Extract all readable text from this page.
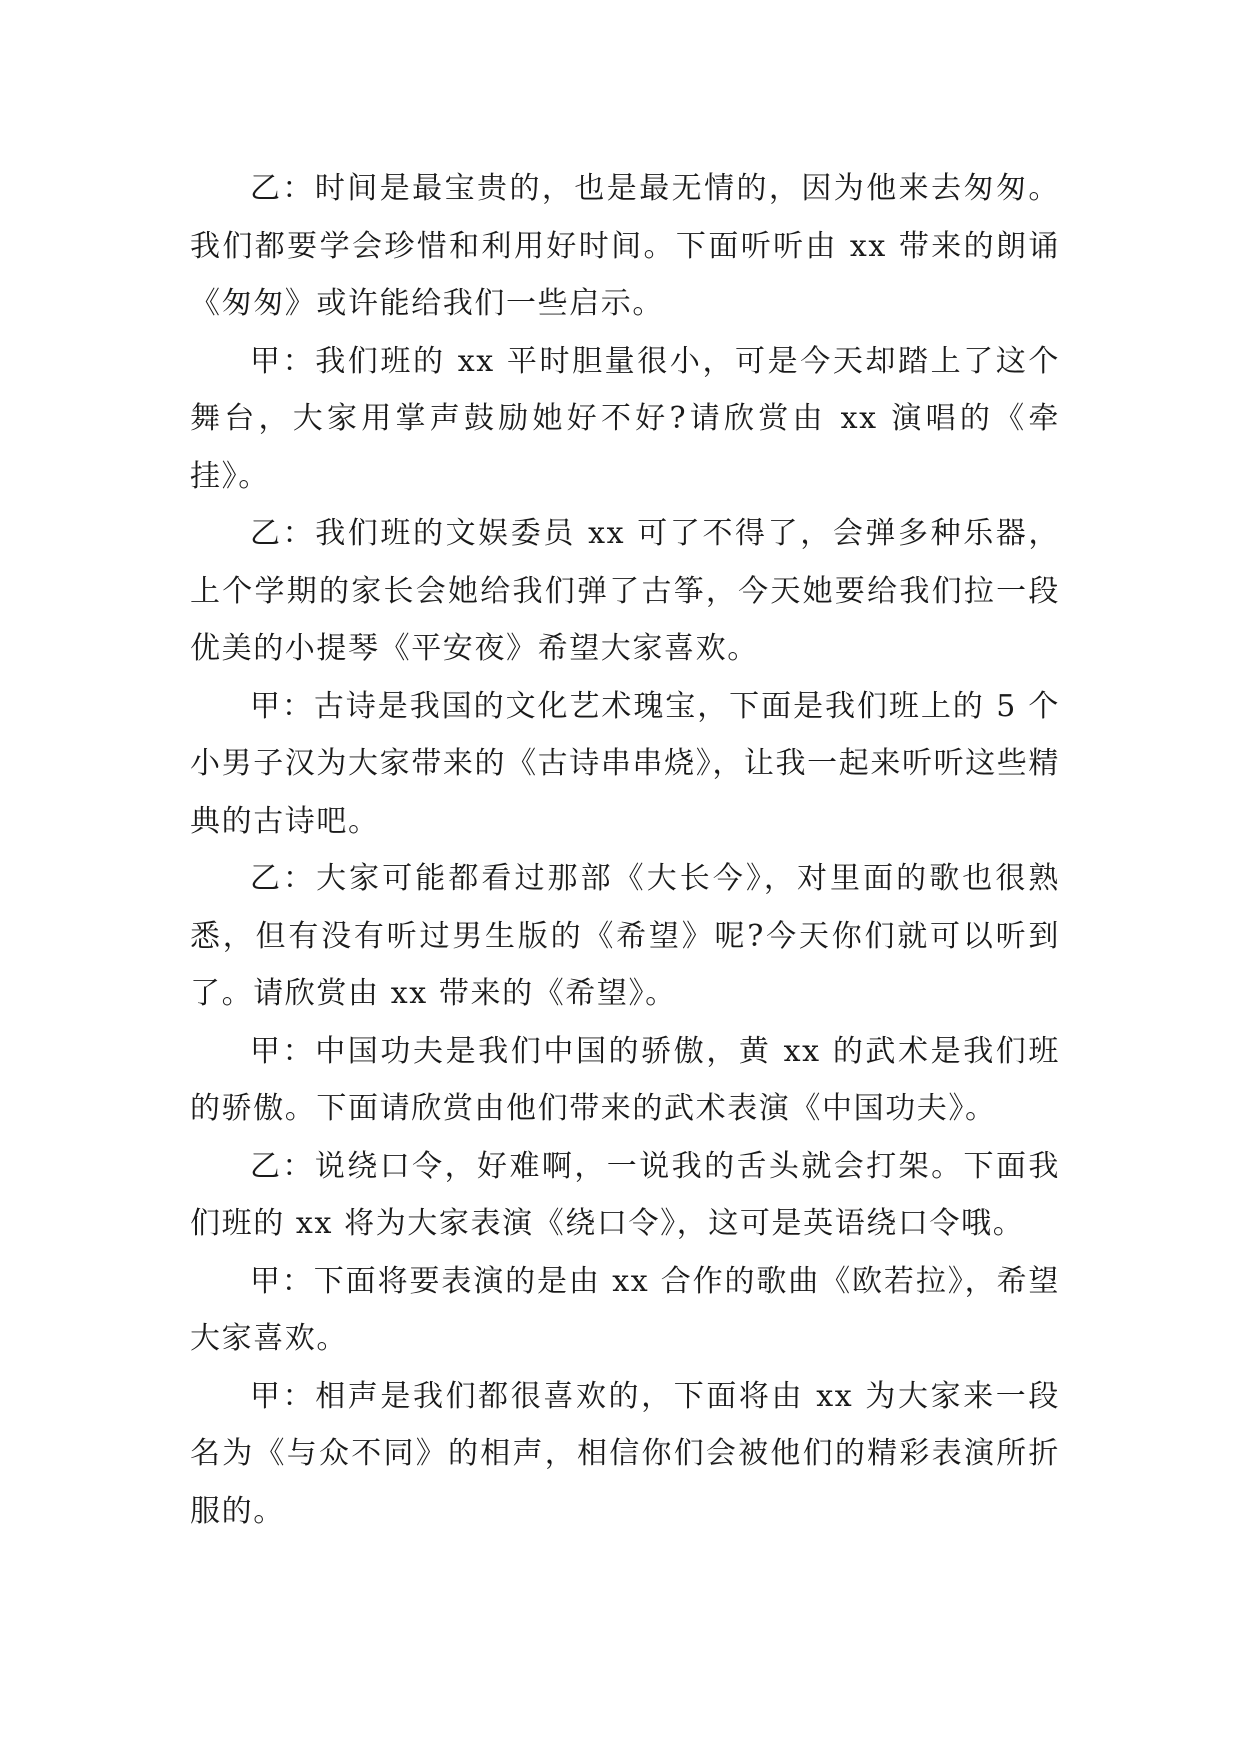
乙：时间是最宝贵的，也是最无情的，因为他来去匆匆。我们都要学会珍惜和利用好时间。下面听听由 xx 带来的朗诵《匆匆》或许能给我们一些启示。

甲：我们班的 xx 平时胆量很小，可是今天却踏上了这个舞台，大家用掌声鼓励她好不好?请欣赏由 xx 演唱的《牵挂》。

乙：我们班的文娱委员 xx 可了不得了，会弹多种乐器，上个学期的家长会她给我们弹了古筝，今天她要给我们拉一段优美的小提琴《平安夜》希望大家喜欢。

甲：古诗是我国的文化艺术瑰宝，下面是我们班上的 5 个小男子汉为大家带来的《古诗串串烧》，让我一起来听听这些精典的古诗吧。

乙：大家可能都看过那部《大长今》，对里面的歌也很熟悉，但有没有听过男生版的《希望》呢?今天你们就可以听到了。请欣赏由 xx 带来的《希望》。

甲：中国功夫是我们中国的骄傲，黄 xx 的武术是我们班的骄傲。下面请欣赏由他们带来的武术表演《中国功夫》。

乙：说绕口令，好难啊，一说我的舌头就会打架。下面我们班的 xx 将为大家表演《绕口令》，这可是英语绕口令哦。

甲：下面将要表演的是由 xx 合作的歌曲《欧若拉》，希望大家喜欢。

甲：相声是我们都很喜欢的，下面将由 xx 为大家来一段名为《与众不同》的相声，相信你们会被他们的精彩表演所折服的。
